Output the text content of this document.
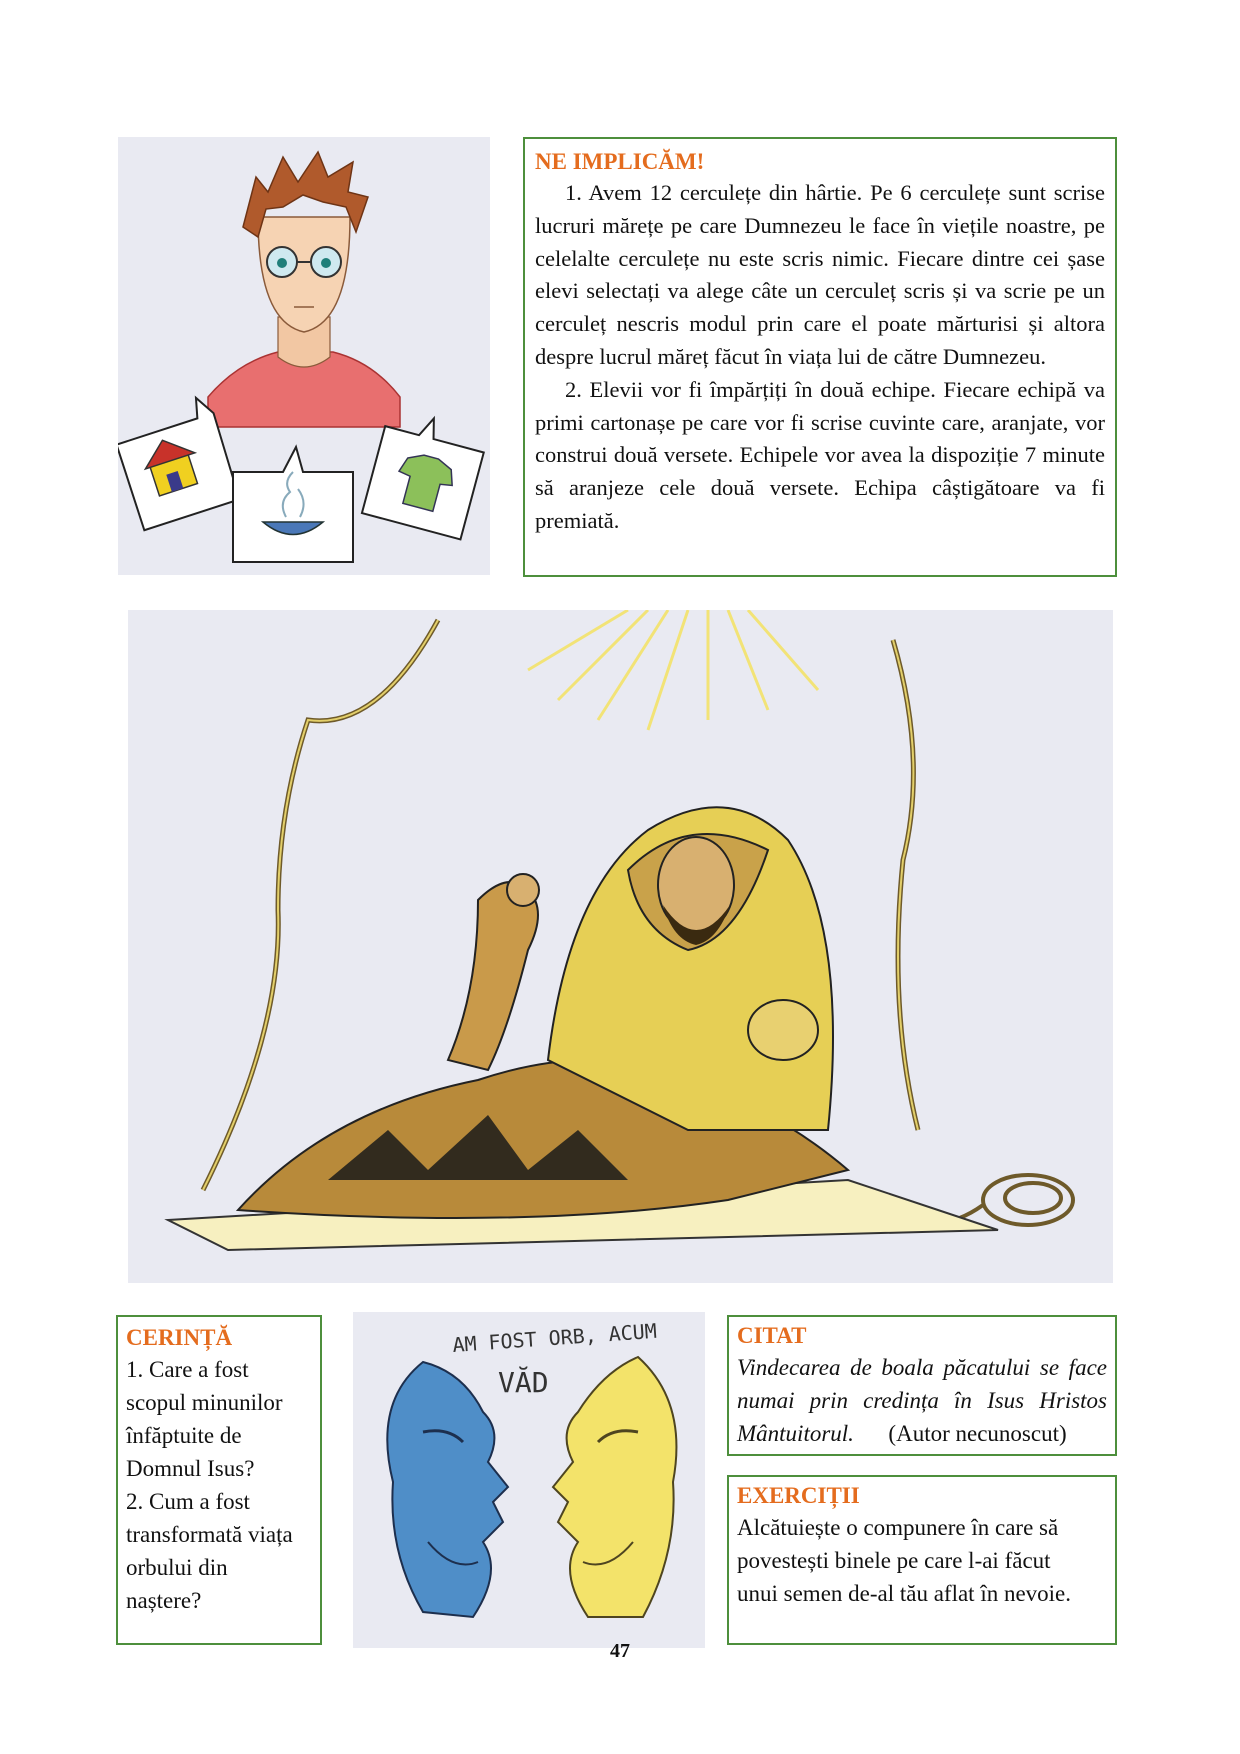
NE IMPLICĂM!

1. Avem 12 cerculețe din hârtie. Pe 6 cerculețe sunt scrise lucruri mărețe pe care Dumnezeu le face în viețile noastre, pe celelalte cerculețe nu este scris nimic. Fiecare dintre cei șase elevi selectați va alege câte un cerculeț scris și va scrie pe un cerculeț nescris modul prin care el poate mărturisi și altora despre lucrul măreț făcut în viața lui de către Dumnezeu.

2. Elevii vor fi împărțiți în două echipe. Fiecare echipă va primi cartonașe pe care vor fi scrise cuvinte care, aranjate, vor construi două versete. Echipele vor avea la dispoziție 7 minute să aranjeze cele două versete. Echipa câștigătoare va fi premiată.

CERINȚĂ

1. Care a fost

scopul minunilor

înfăptuite de

Domnul Isus?

2. Cum a fost

transformată viața

orbului din

naștere?

AM FOST ORB, ACUM
VĂD
CITAT

Vindecarea de boala păcatului se face numai prin credința în Isus Hristos Mântuitorul. (Autor necunoscut)

EXERCIȚII

Alcătuiește o compunere în care să

povestești binele pe care l-ai făcut

unui semen de-al tău aflat în nevoie.

47
